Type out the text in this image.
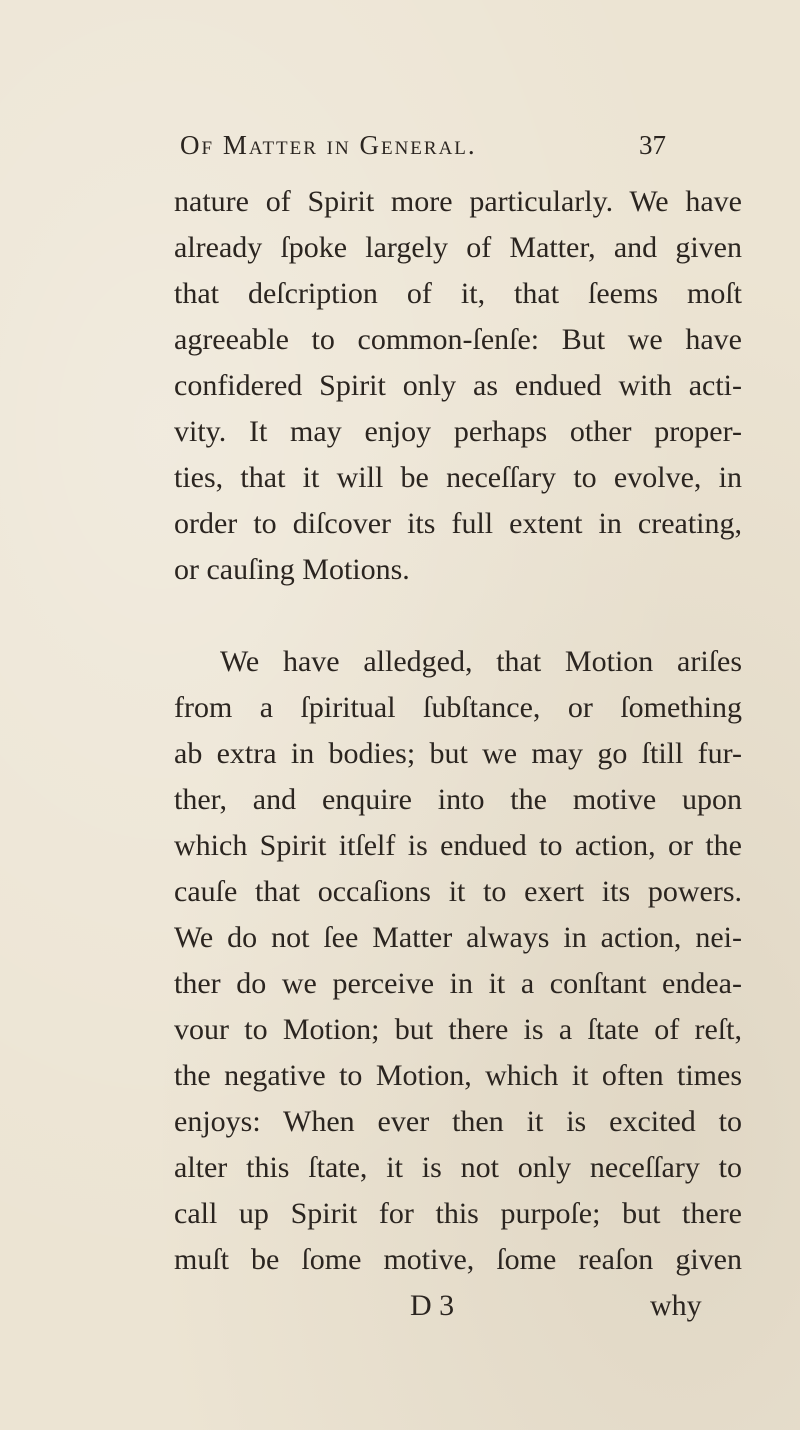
Of Matter in General.	37
nature of Spirit more particularly. We have
already ſpoke largely of Matter, and given
that deſcription of it, that ſeems moſt
agreeable to common-ſenſe: But we have
confidered Spirit only as endued with acti-
vity. It may enjoy perhaps other proper-
ties, that it will be neceſſary to evolve, in
order to diſcover its full extent in creating,
or cauſing Motions.
We have alledged, that Motion ariſes
from a ſpiritual ſubſtance, or ſomething
ab extra in bodies; but we may go ſtill fur-
ther, and enquire into the motive upon
which Spirit itſelf is endued to action, or the
cauſe that occaſions it to exert its powers.
We do not ſee Matter always in action, nei-
ther do we perceive in it a conſtant endea-
vour to Motion; but there is a ſtate of reſt,
the negative to Motion, which it often times
enjoys: When ever then it is excited to
alter this ſtate, it is not only neceſſary to
call up Spirit for this purpoſe; but there
muſt be ſome motive, ſome reaſon given
D 3	why
